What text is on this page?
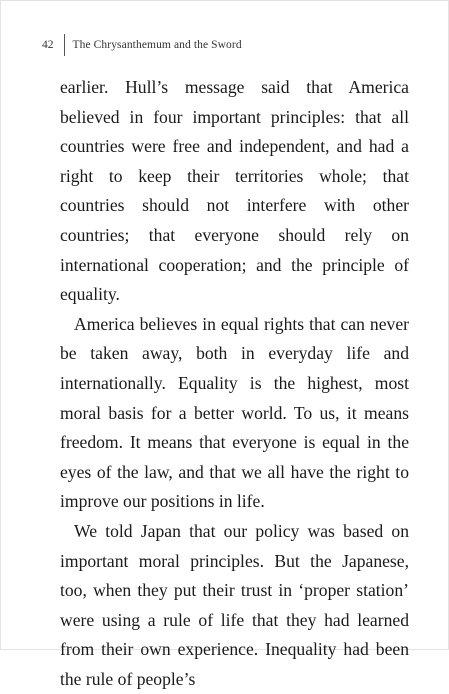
42	The Chrysanthemum and the Sword

earlier. Hull’s message said that America believed in four important principles: that all countries were free and independent, and had a right to keep their territories whole; that countries should not interfere with other countries; that everyone should rely on international cooperation; and the principle of equality.

America believes in equal rights that can never be taken away, both in everyday life and internationally. Equality is the highest, most moral basis for a better world. To us, it means freedom. It means that everyone is equal in the eyes of the law, and that we all have the right to improve our positions in life.

We told Japan that our policy was based on important moral principles. But the Japanese, too, when they put their trust in ‘proper station’ were using a rule of life that they had learned from their own experience. Inequality had been the rule of people’s
